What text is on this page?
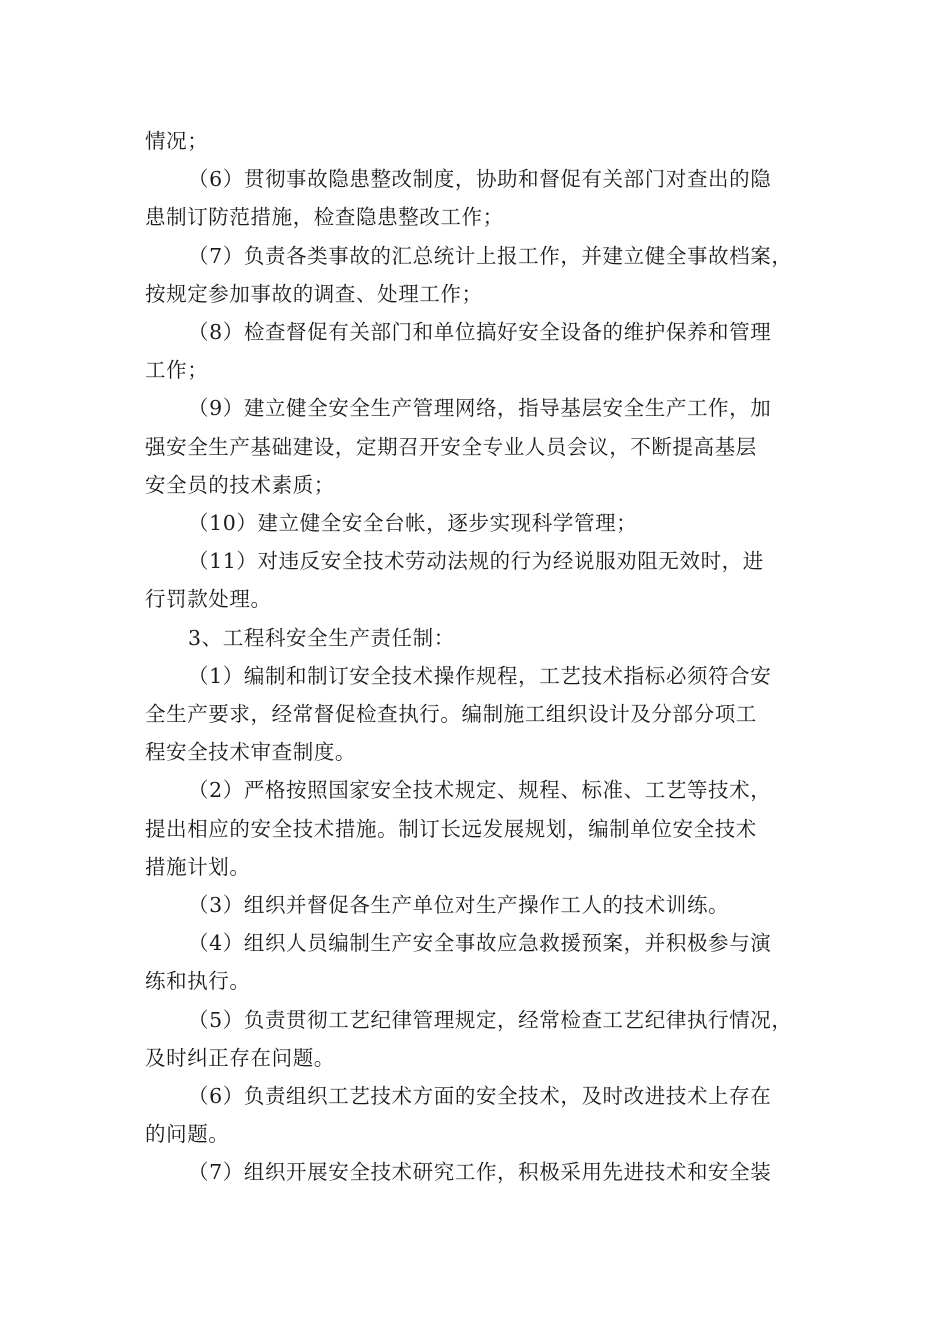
情况；

（6）贯彻事故隐患整改制度，协助和督促有关部门对查出的隐
患制订防范措施，检查隐患整改工作；

（7）负责各类事故的汇总统计上报工作，并建立健全事故档案，
按规定参加事故的调查、处理工作；

（8）检查督促有关部门和单位搞好安全设备的维护保养和管理
工作；

（9）建立健全安全生产管理网络，指导基层安全生产工作，加
强安全生产基础建设，定期召开安全专业人员会议，不断提高基层
安全员的技术素质；

（10）建立健全安全台帐，逐步实现科学管理；

（11）对违反安全技术劳动法规的行为经说服劝阻无效时，进
行罚款处理。

3、工程科安全生产责任制：

（1）编制和制订安全技术操作规程，工艺技术指标必须符合安
全生产要求，经常督促检查执行。编制施工组织设计及分部分项工
程安全技术审查制度。

（2）严格按照国家安全技术规定、规程、标准、工艺等技术，
提出相应的安全技术措施。制订长远发展规划，编制单位安全技术
措施计划。

（3）组织并督促各生产单位对生产操作工人的技术训练。

（4）组织人员编制生产安全事故应急救援预案，并积极参与演
练和执行。

（5）负责贯彻工艺纪律管理规定，经常检查工艺纪律执行情况，
及时纠正存在问题。

（6）负责组织工艺技术方面的安全技术，及时改进技术上存在
的问题。

（7）组织开展安全技术研究工作，积极采用先进技术和安全装
